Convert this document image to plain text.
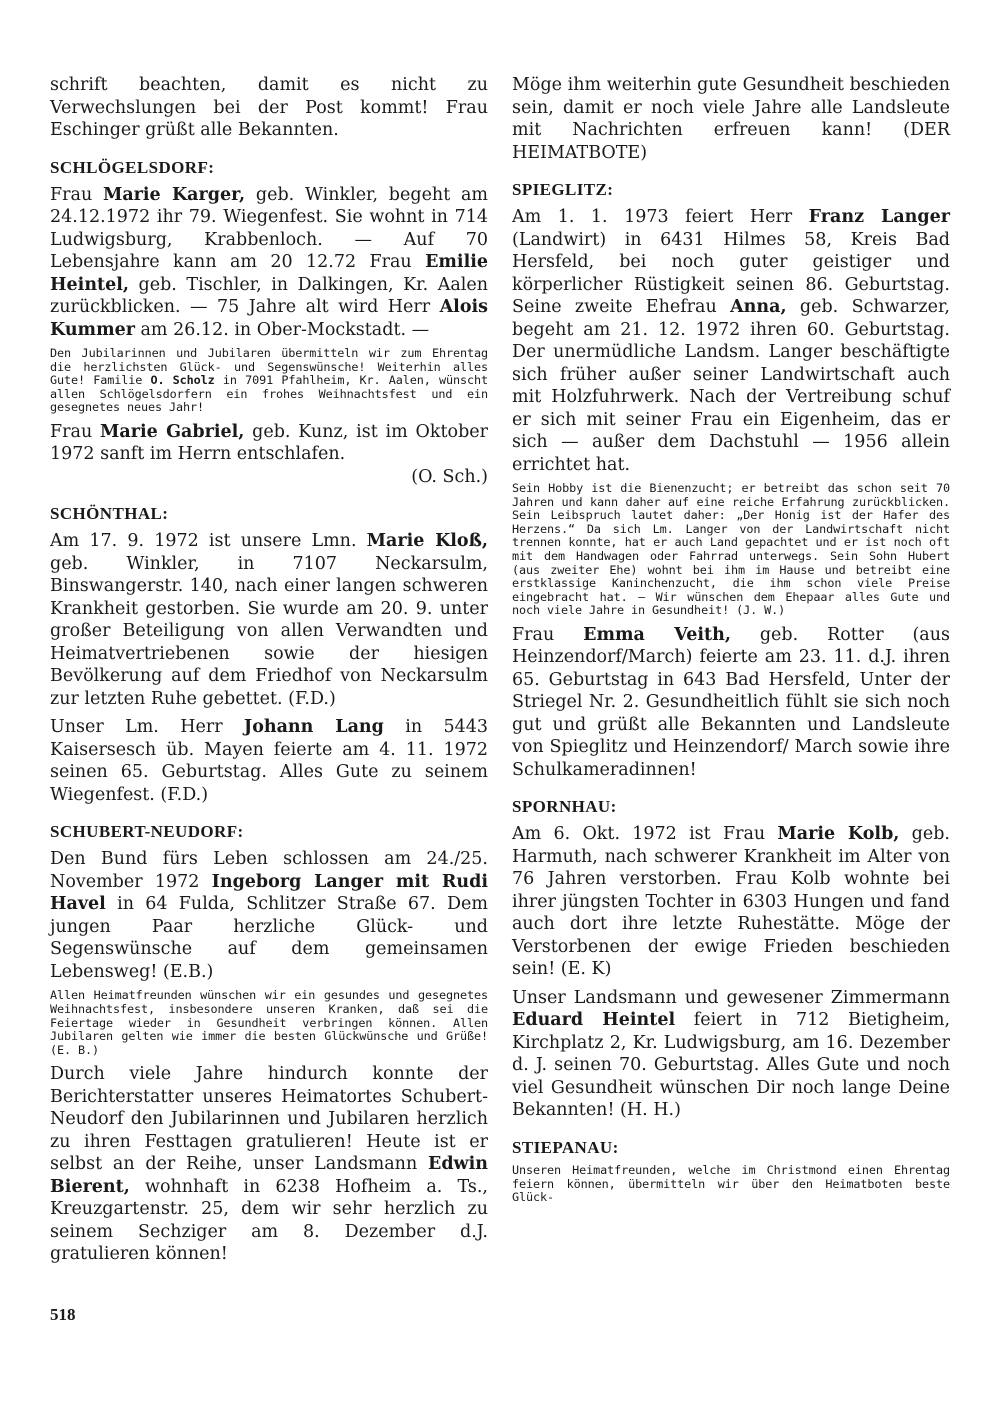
schrift beachten, damit es nicht zu Verwechslungen bei der Post kommt! Frau Eschinger grüßt alle Bekannten.

SCHLÖGELSDORF:

Frau Marie Karger, geb. Winkler, begeht am 24.12.1972 ihr 79. Wiegenfest. Sie wohnt in 714 Ludwigsburg, Krabbenloch. — Auf 70 Lebensjahre kann am 20 12.72 Frau Emilie Heintel, geb. Tischler, in Dalkingen, Kr. Aalen zurückblicken. — 75 Jahre alt wird Herr Alois Kummer am 26.12. in Ober-Mockstadt. —

Den Jubilarinnen und Jubilaren übermitteln wir zum Ehrentag die herzlichsten Glück- und Segenswünsche! Weiterhin alles Gute! Familie O. Scholz in 7091 Pfahlheim, Kr. Aalen, wünscht allen Schlögelsdorfern ein frohes Weihnachtsfest und ein gesegnetes neues Jahr!

Frau Marie Gabriel, geb. Kunz, ist im Oktober 1972 sanft im Herrn entschlafen.
(O. Sch.)

SCHÖNTHAL:

Am 17. 9. 1972 ist unsere Lmn. Marie Kloß, geb. Winkler, in 7107 Neckarsulm, Binswangerstr. 140, nach einer langen schweren Krankheit gestorben. Sie wurde am 20. 9. unter großer Beteiligung von allen Verwandten und Heimatvertriebenen sowie der hiesigen Bevölkerung auf dem Friedhof von Neckarsulm zur letzten Ruhe gebettet. (F.D.)

Unser Lm. Herr Johann Lang in 5443 Kaisersesch üb. Mayen feierte am 4. 11. 1972 seinen 65. Geburtstag. Alles Gute zu seinem Wiegenfest. (F.D.)

SCHUBERT-NEUDORF:

Den Bund fürs Leben schlossen am 24./25. November 1972 Ingeborg Langer mit Rudi Havel in 64 Fulda, Schlitzer Straße 67. Dem jungen Paar herzliche Glück- und Segenswünsche auf dem gemeinsamen Lebensweg! (E.B.)

Allen Heimatfreunden wünschen wir ein gesundes und gesegnetes Weihnachtsfest, insbesondere unseren Kranken, daß sei die Feiertage wieder in Gesundheit verbringen können. Allen Jubilaren gelten wie immer die besten Glückwünsche und Grüße! (E. B.)

Durch viele Jahre hindurch konnte der Berichterstatter unseres Heimatortes Schubert-Neudorf den Jubilarinnen und Jubilaren herzlich zu ihren Festtagen gratulieren! Heute ist er selbst an der Reihe, unser Landsmann Edwin Bierent, wohnhaft in 6238 Hofheim a. Ts., Kreuzgartenstr. 25, dem wir sehr herzlich zu seinem Sechziger am 8. Dezember d.J. gratulieren können!

Möge ihm weiterhin gute Gesundheit beschieden sein, damit er noch viele Jahre alle Landsleute mit Nachrichten erfreuen kann! (DER HEIMATBOTE)

SPIEGLITZ:

Am 1. 1. 1973 feiert Herr Franz Langer (Landwirt) in 6431 Hilmes 58, Kreis Bad Hersfeld, bei noch guter geistiger und körperlicher Rüstigkeit seinen 86. Geburtstag. Seine zweite Ehefrau Anna, geb. Schwarzer, begeht am 21. 12. 1972 ihren 60. Geburtstag. Der unermüdliche Landsm. Langer beschäftigte sich früher außer seiner Landwirtschaft auch mit Holzfuhrwerk. Nach der Vertreibung schuf er sich mit seiner Frau ein Eigenheim, das er sich — außer dem Dachstuhl — 1956 allein errichtet hat.

Sein Hobby ist die Bienenzucht; er betreibt das schon seit 70 Jahren und kann daher auf eine reiche Erfahrung zurückblicken. Sein Leibspruch lautet daher: „Der Honig ist der Hafer des Herzens.“ Da sich Lm. Langer von der Landwirtschaft nicht trennen konnte, hat er auch Land gepachtet und er ist noch oft mit dem Handwagen oder Fahrrad unterwegs. Sein Sohn Hubert (aus zweiter Ehe) wohnt bei ihm im Hause und betreibt eine erstklassige Kaninchenzucht, die ihm schon viele Preise eingebracht hat. — Wir wünschen dem Ehepaar alles Gute und noch viele Jahre in Gesundheit! (J. W.)

Frau Emma Veith, geb. Rotter (aus Heinzendorf/March) feierte am 23. 11. d.J. ihren 65. Geburtstag in 643 Bad Hersfeld, Unter der Striegel Nr. 2. Gesundheitlich fühlt sie sich noch gut und grüßt alle Bekannten und Landsleute von Spieglitz und Heinzendorf/ March sowie ihre Schulkameradinnen!

SPORNHAU:

Am 6. Okt. 1972 ist Frau Marie Kolb, geb. Harmuth, nach schwerer Krankheit im Alter von 76 Jahren verstorben. Frau Kolb wohnte bei ihrer jüngsten Tochter in 6303 Hungen und fand auch dort ihre letzte Ruhestätte. Möge der Verstorbenen der ewige Frieden beschieden sein! (E. K)

Unser Landsmann und gewesener Zimmermann Eduard Heintel feiert in 712 Bietigheim, Kirchplatz 2, Kr. Ludwigsburg, am 16. Dezember d. J. seinen 70. Geburtstag. Alles Gute und noch viel Gesundheit wünschen Dir noch lange Deine Bekannten! (H. H.)

STIEPANAU:

Unseren Heimatfreunden, welche im Christmond einen Ehrentag feiern können, übermitteln wir über den Heimatboten beste Glück-

518
